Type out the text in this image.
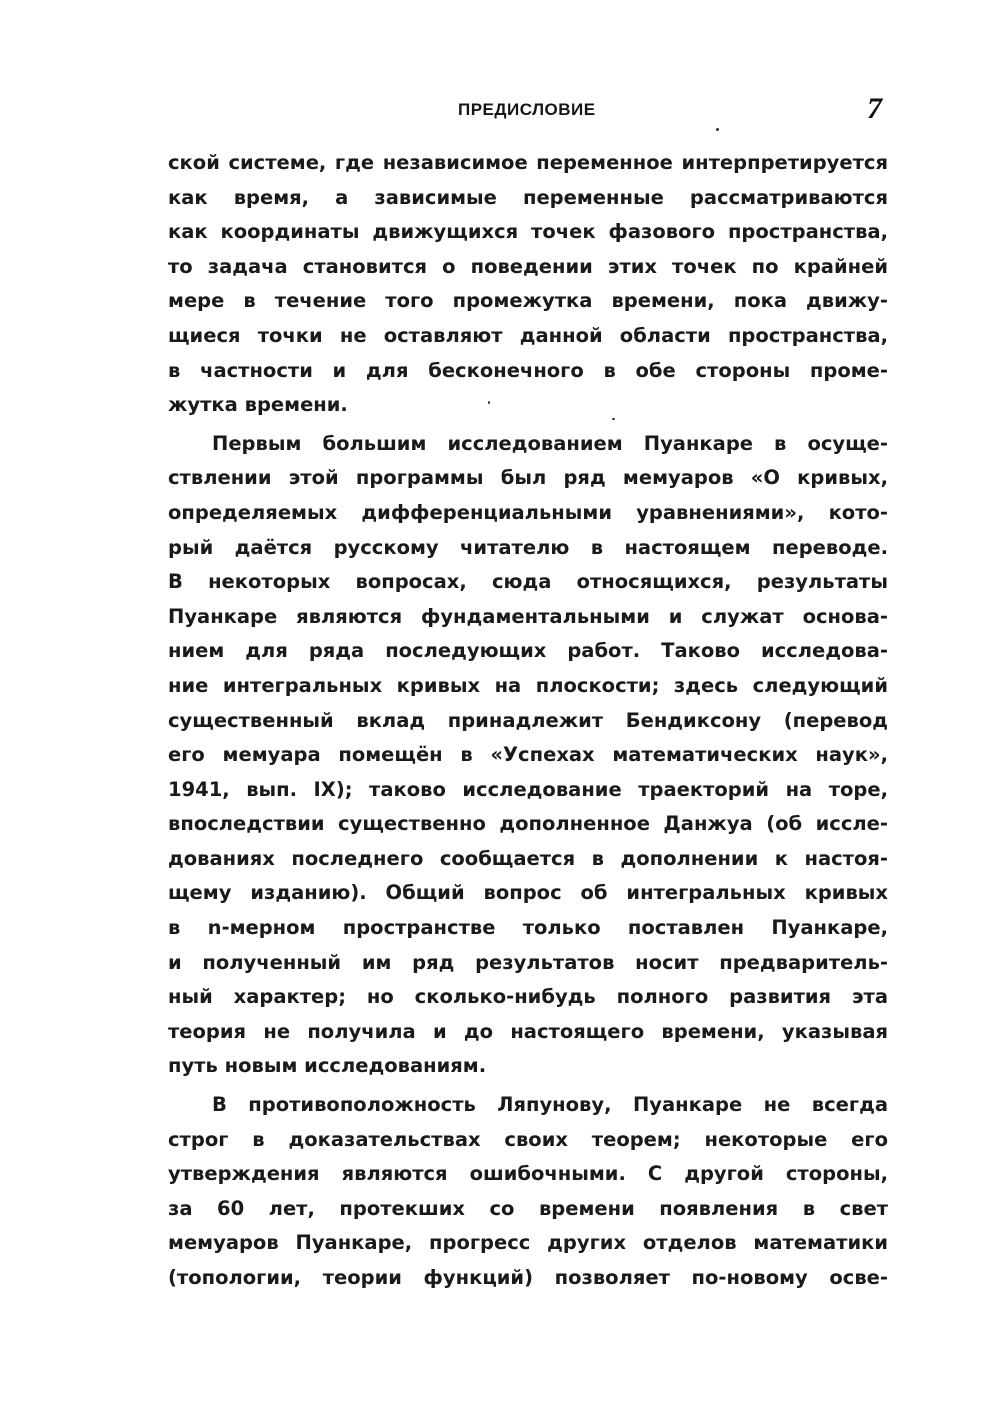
ПРЕДИСЛОВИЕ	7
ской системе, где независимое переменное интерпретируется
как время, а зависимые переменные рассматриваются
как координаты движущихся точек фазового пространства,
то задача становится о поведении этих точек по крайней
мере в течение того промежутка времени, пока движу-
щиеся точки не оставляют данной области пространства,
в частности и для бесконечного в обе стороны проме-
жутка времени.
Первым большим исследованием Пуанкаре в осуще-
ствлении этой программы был ряд мемуаров «О кривых,
определяемых дифференциальными уравнениями», кото-
рый даётся русскому читателю в настоящем переводе.
В некоторых вопросах, сюда относящихся, результаты
Пуанкаре являются фундаментальными и служат основа-
нием для ряда последующих работ. Таково исследова-
ние интегральных кривых на плоскости; здесь следующий
существенный вклад принадлежит Бендиксону (перевод
его мемуара помещён в «Успехах математических наук»,
1941, вып. IX); таково исследование траекторий на торе,
впоследствии существенно дополненное Данжуа (об иссле-
дованиях последнего сообщается в дополнении к настоя-
щему изданию). Общий вопрос об интегральных кривых
в n-мерном пространстве только поставлен Пуанкаре,
и полученный им ряд результатов носит предваритель-
ный характер; но сколько-нибудь полного развития эта
теория не получила и до настоящего времени, указывая
путь новым исследованиям.
В противоположность Ляпунову, Пуанкаре не всегда
строг в доказательствах своих теорем; некоторые его
утверждения являются ошибочными. С другой стороны,
за 60 лет, протекших со времени появления в свет
мемуаров Пуанкаре, прогресс других отделов математики
(топологии, теории функций) позволяет по-новому осве-
